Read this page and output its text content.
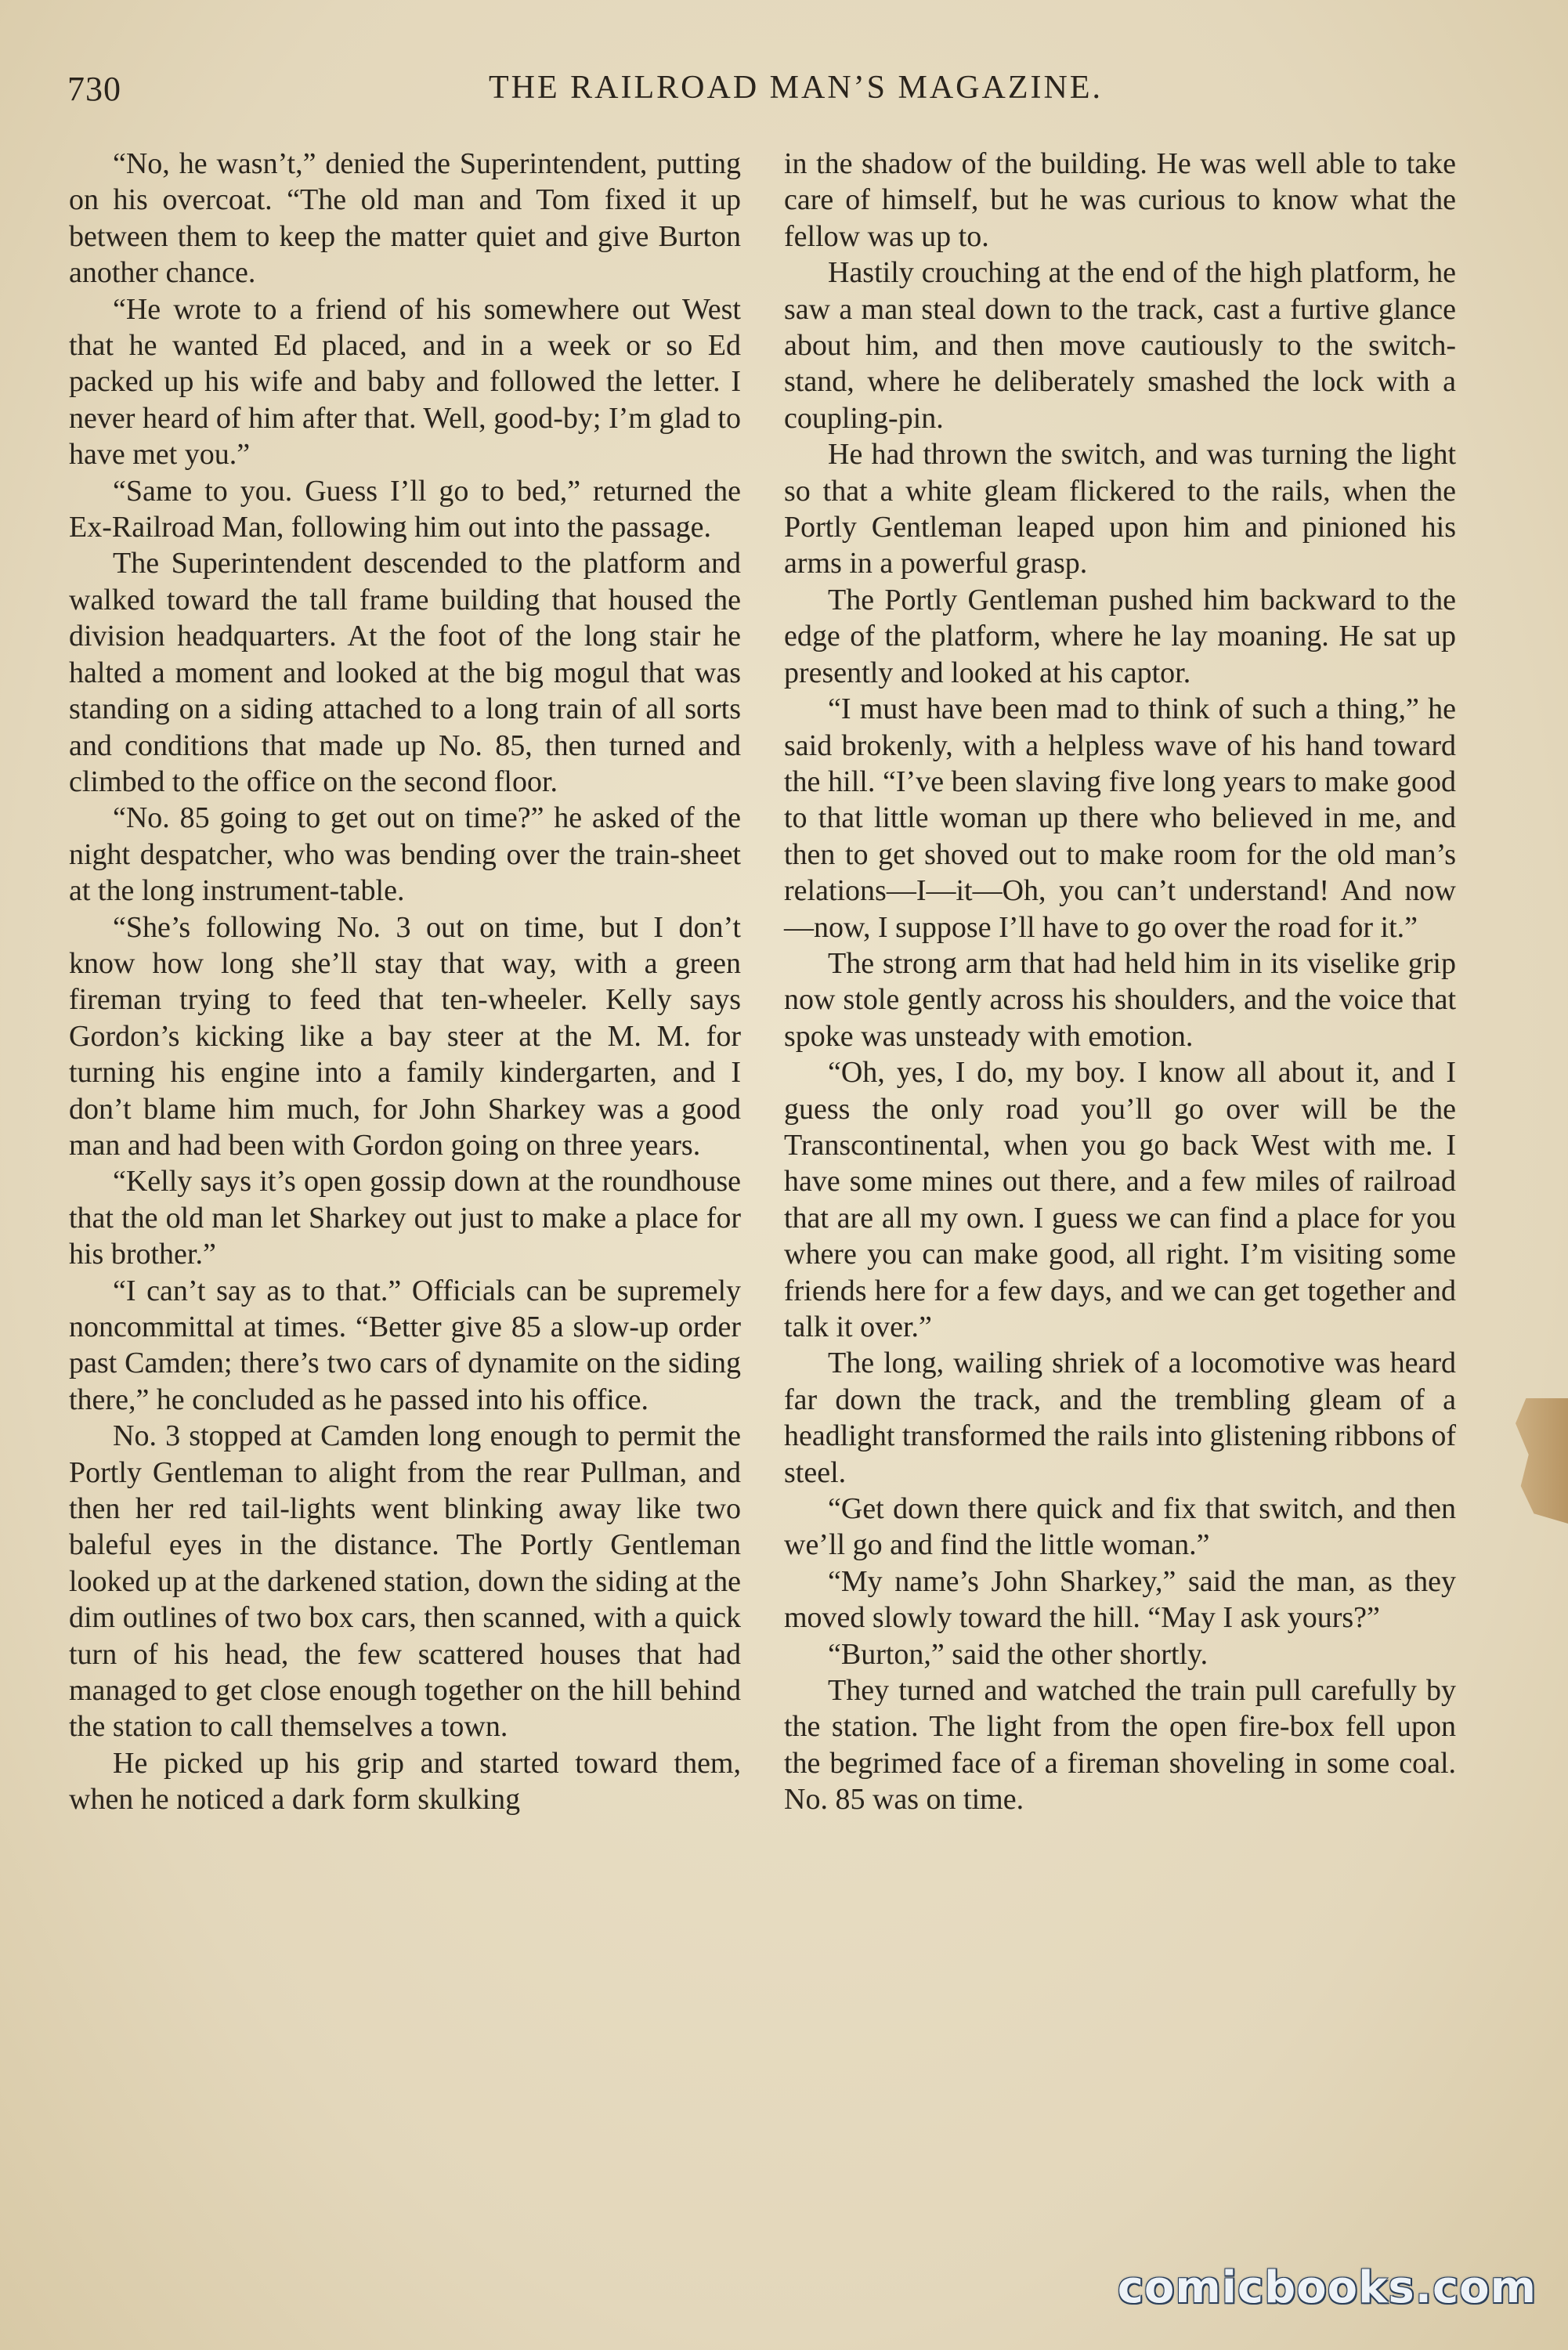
730	THE RAILROAD MAN’S MAGAZINE.

“No, he wasn’t,” denied the Superintendent, putting on his overcoat. “The old man and Tom fixed it up between them to keep the matter quiet and give Burton another chance.

“He wrote to a friend of his somewhere out West that he wanted Ed placed, and in a week or so Ed packed up his wife and baby and followed the letter. I never heard of him after that. Well, good-by; I’m glad to have met you.”

“Same to you. Guess I’ll go to bed,” returned the Ex-Railroad Man, following him out into the passage.

The Superintendent descended to the platform and walked toward the tall frame building that housed the division headquarters. At the foot of the long stair he halted a moment and looked at the big mogul that was standing on a siding attached to a long train of all sorts and conditions that made up No. 85, then turned and climbed to the office on the second floor.

“No. 85 going to get out on time?” he asked of the night despatcher, who was bending over the train-sheet at the long instrument-table.

“She’s following No. 3 out on time, but I don’t know how long she’ll stay that way, with a green fireman trying to feed that ten-wheeler. Kelly says Gordon’s kicking like a bay steer at the M. M. for turning his engine into a family kindergarten, and I don’t blame him much, for John Sharkey was a good man and had been with Gordon going on three years.

“Kelly says it’s open gossip down at the roundhouse that the old man let Sharkey out just to make a place for his brother.”

“I can’t say as to that.” Officials can be supremely noncommittal at times. “Better give 85 a slow-up order past Camden; there’s two cars of dynamite on the siding there,” he concluded as he passed into his office.

No. 3 stopped at Camden long enough to permit the Portly Gentleman to alight from the rear Pullman, and then her red tail-lights went blinking away like two baleful eyes in the distance. The Portly Gentleman looked up at the darkened station, down the siding at the dim outlines of two box cars, then scanned, with a quick turn of his head, the few scattered houses that had managed to get close enough together on the hill behind the station to call themselves a town.

He picked up his grip and started toward them, when he noticed a dark form skulking

in the shadow of the building. He was well able to take care of himself, but he was curious to know what the fellow was up to.

Hastily crouching at the end of the high platform, he saw a man steal down to the track, cast a furtive glance about him, and then move cautiously to the switch-stand, where he deliberately smashed the lock with a coupling-pin.

He had thrown the switch, and was turning the light so that a white gleam flickered to the rails, when the Portly Gentleman leaped upon him and pinioned his arms in a powerful grasp.

The Portly Gentleman pushed him backward to the edge of the platform, where he lay moaning. He sat up presently and looked at his captor.

“I must have been mad to think of such a thing,” he said brokenly, with a helpless wave of his hand toward the hill. “I’ve been slaving five long years to make good to that little woman up there who believed in me, and then to get shoved out to make room for the old man’s relations—I—it—Oh, you can’t understand! And now—now, I suppose I’ll have to go over the road for it.”

The strong arm that had held him in its viselike grip now stole gently across his shoulders, and the voice that spoke was unsteady with emotion.

“Oh, yes, I do, my boy. I know all about it, and I guess the only road you’ll go over will be the Transcontinental, when you go back West with me. I have some mines out there, and a few miles of railroad that are all my own. I guess we can find a place for you where you can make good, all right. I’m visiting some friends here for a few days, and we can get together and talk it over.”

The long, wailing shriek of a locomotive was heard far down the track, and the trembling gleam of a headlight transformed the rails into glistening ribbons of steel.

“Get down there quick and fix that switch, and then we’ll go and find the little woman.”

“My name’s John Sharkey,” said the man, as they moved slowly toward the hill. “May I ask yours?”

“Burton,” said the other shortly.

They turned and watched the train pull carefully by the station. The light from the open fire-box fell upon the begrimed face of a fireman shoveling in some coal. No. 85 was on time.

comicbooks.com
